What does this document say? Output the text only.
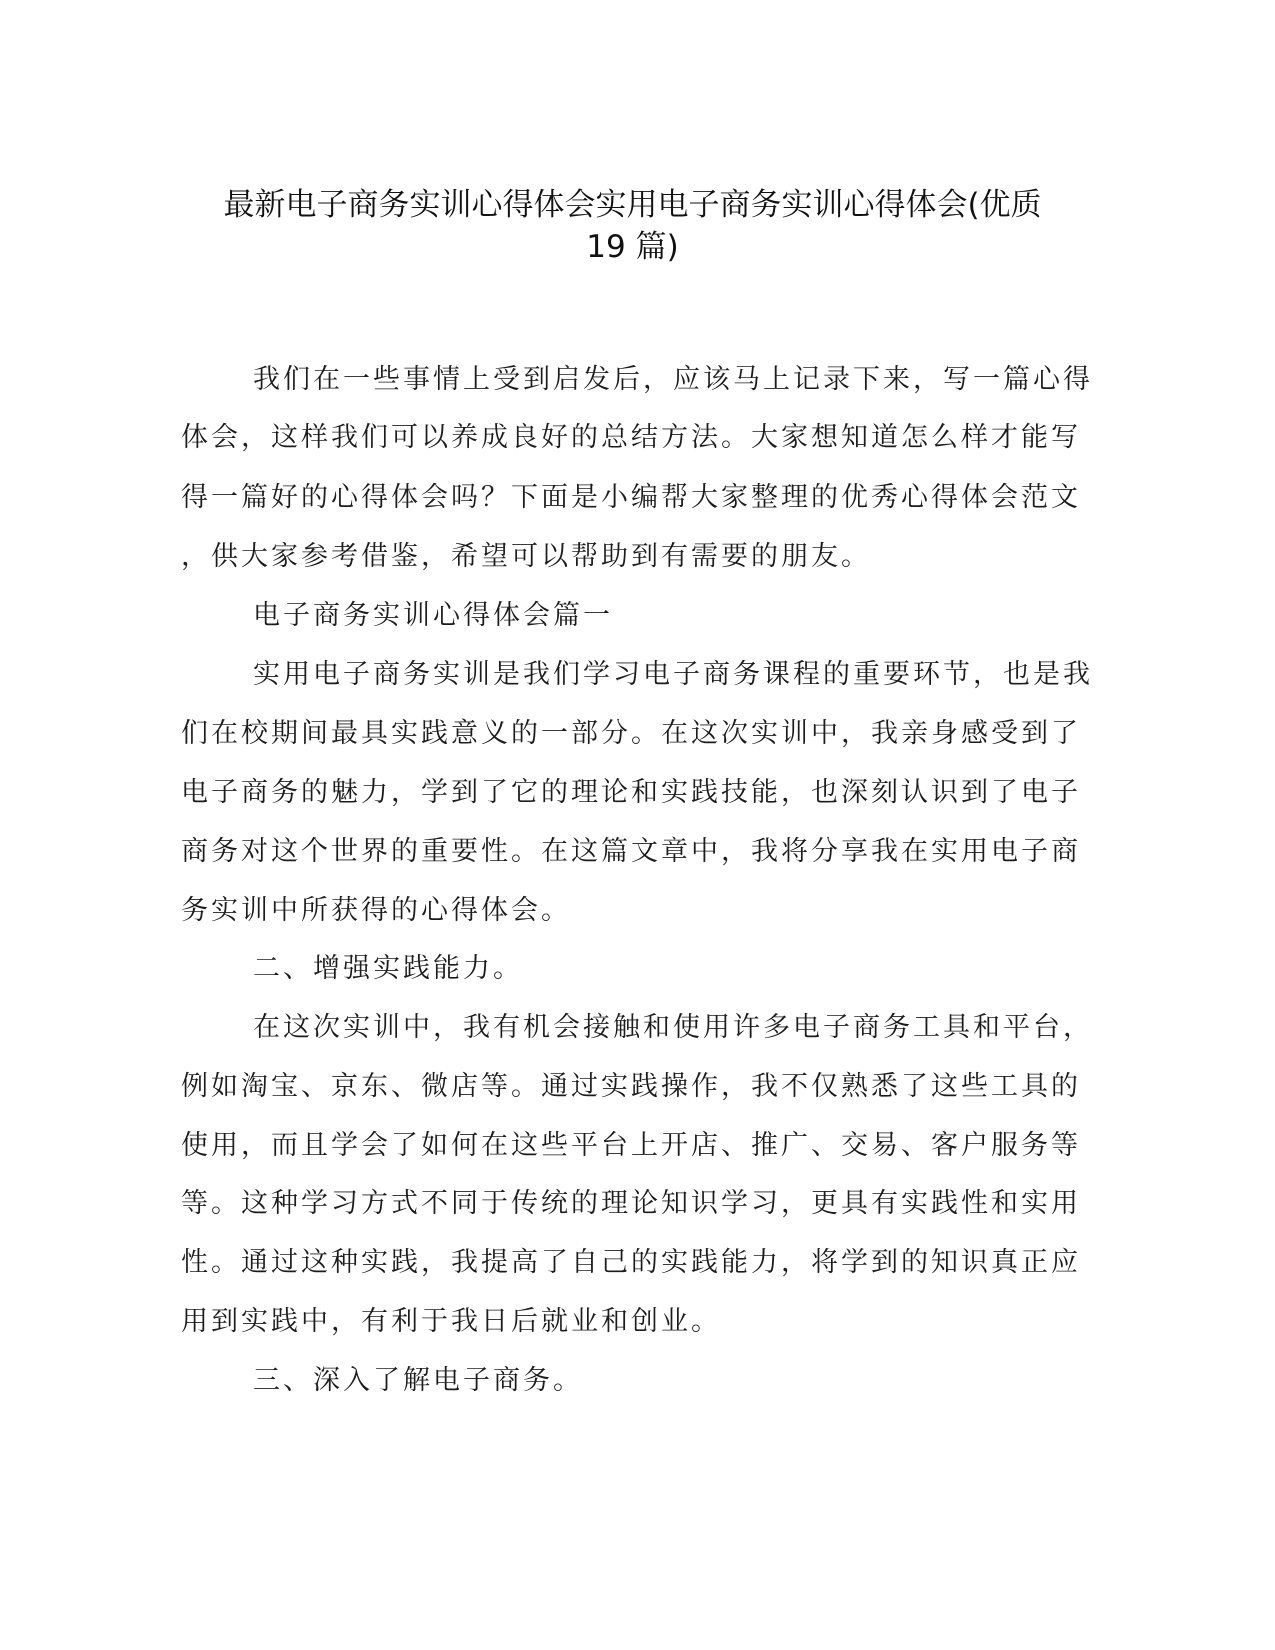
最新电子商务实训心得体会实用电子商务实训心得体会(优质
19 篇)
我们在一些事情上受到启发后，应该马上记录下来，写一篇心得
体会，这样我们可以养成良好的总结方法。大家想知道怎么样才能写
得一篇好的心得体会吗？下面是小编帮大家整理的优秀心得体会范文
，供大家参考借鉴，希望可以帮助到有需要的朋友。
电子商务实训心得体会篇一
实用电子商务实训是我们学习电子商务课程的重要环节，也是我
们在校期间最具实践意义的一部分。在这次实训中，我亲身感受到了
电子商务的魅力，学到了它的理论和实践技能，也深刻认识到了电子
商务对这个世界的重要性。在这篇文章中，我将分享我在实用电子商
务实训中所获得的心得体会。
二、增强实践能力。
在这次实训中，我有机会接触和使用许多电子商务工具和平台，
例如淘宝、京东、微店等。通过实践操作，我不仅熟悉了这些工具的
使用，而且学会了如何在这些平台上开店、推广、交易、客户服务等
等。这种学习方式不同于传统的理论知识学习，更具有实践性和实用
性。通过这种实践，我提高了自己的实践能力，将学到的知识真正应
用到实践中，有利于我日后就业和创业。
三、深入了解电子商务。
